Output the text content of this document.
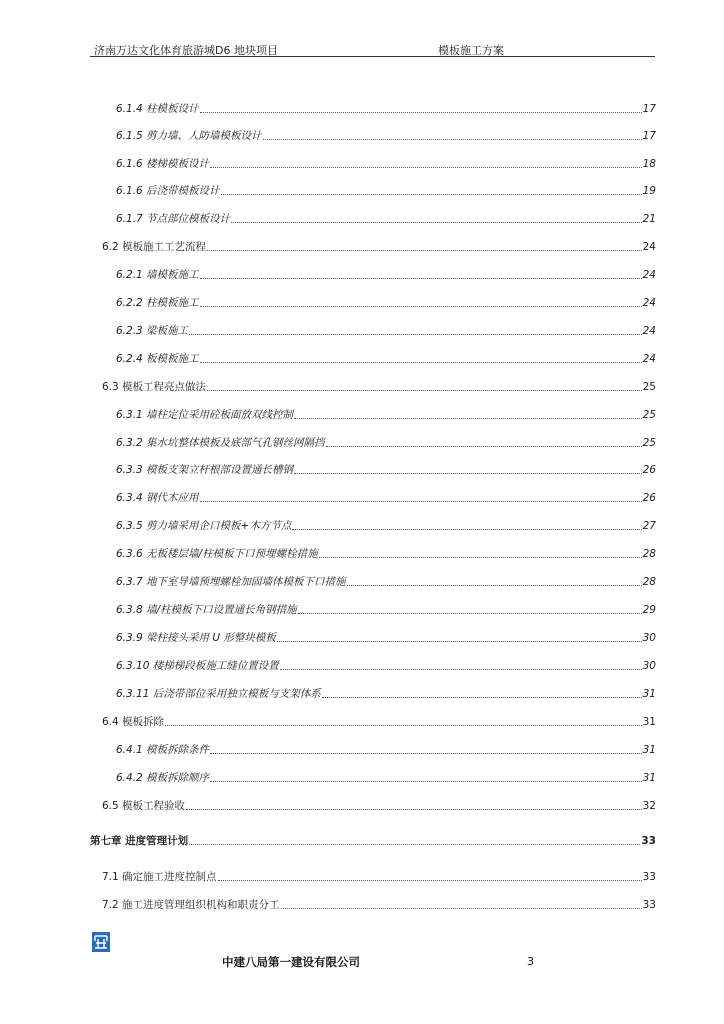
济南万达文化体育旅游城D6 地块项目	模板施工方案
6.1.4 柱模板设计	17
6.1.5 剪力墙、人防墙模板设计	17
6.1.6 楼梯模板设计	18
6.1.6 后浇带模板设计	19
6.1.7 节点部位模板设计	21
6.2 模板施工工艺流程	24
6.2.1 墙模板施工	24
6.2.2 柱模板施工	24
6.2.3 梁板施工	24
6.2.4 板模板施工	24
6.3 模板工程亮点做法	25
6.3.1 墙柱定位采用砼板面放双线控制	25
6.3.2 集水坑整体模板及底部气孔钢丝网隔挡	25
6.3.3 模板支架立杆根部设置通长槽钢	26
6.3.4 钢代木应用	26
6.3.5 剪力墙采用企口模板+木方节点	27
6.3.6 无板楼层墙/柱模板下口预埋螺栓措施	28
6.3.7 地下室导墙预埋螺栓加固墙体模板下口措施	28
6.3.8 墙/柱模板下口设置通长角钢措施	29
6.3.9 梁柱接头采用 U 形整块模板	30
6.3.10 楼梯梯段板施工缝位置设置	30
6.3.11 后浇带部位采用独立模板与支架体系	31
6.4 模板拆除	31
6.4.1 模板拆除条件	31
6.4.2 模板拆除顺序	31
6.5 模板工程验收	32
第七章 进度管理计划	33
7.1 确定施工进度控制点	33
7.2 施工进度管理组织机构和职责分工	33
中建八局第一建设有限公司	3
